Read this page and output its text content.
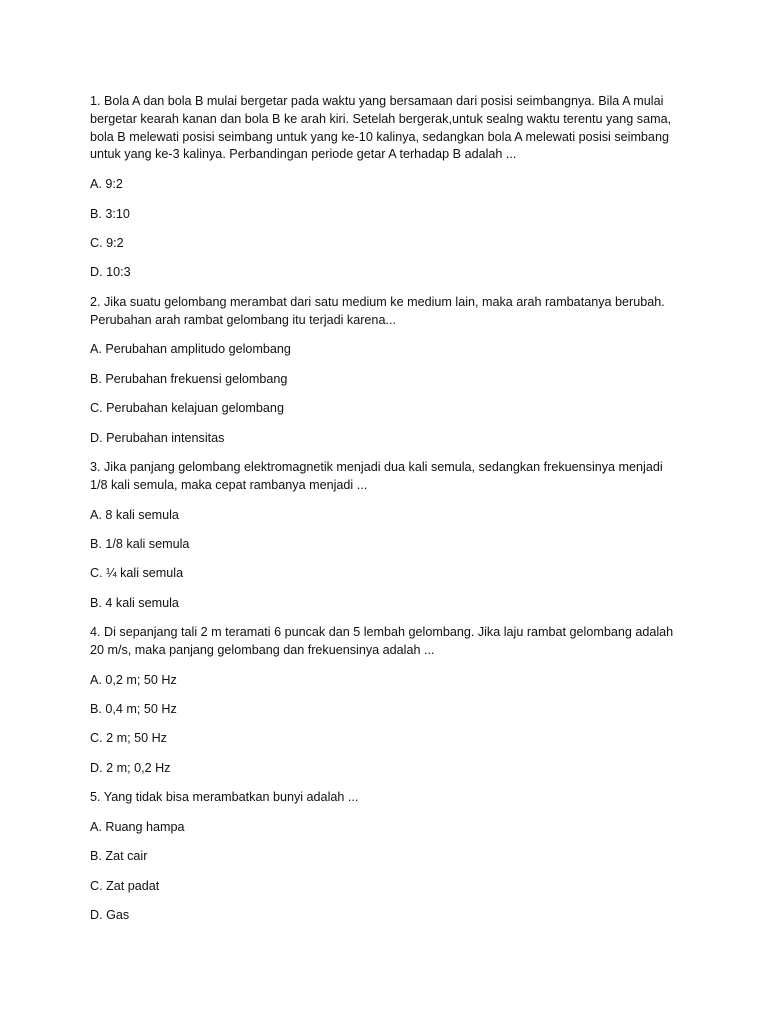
1. Bola A dan bola B mulai bergetar pada waktu yang bersamaan dari posisi seimbangnya. Bila A mulai bergetar kearah kanan dan bola B ke arah kiri. Setelah bergerak,untuk sealng waktu terentu yang sama, bola B melewati posisi seimbang untuk yang ke-10 kalinya, sedangkan bola A melewati posisi seimbang untuk yang ke-3 kalinya. Perbandingan periode getar A terhadap B adalah ...

A. 9:2

B. 3:10

C. 9:2

D. 10:3

2. Jika suatu gelombang merambat dari satu medium ke medium lain, maka arah rambatanya berubah. Perubahan arah rambat gelombang itu terjadi karena...

A. Perubahan amplitudo gelombang

B. Perubahan frekuensi gelombang

C. Perubahan kelajuan gelombang

D. Perubahan intensitas

3. Jika panjang gelombang elektromagnetik menjadi dua kali semula, sedangkan frekuensinya menjadi 1/8 kali semula, maka cepat rambanya menjadi ...

A. 8 kali semula

B. 1/8 kali semula

C. ¼ kali semula

B. 4 kali semula

4. Di sepanjang tali 2 m teramati 6 puncak dan 5 lembah gelombang. Jika laju rambat gelombang adalah 20 m/s, maka panjang gelombang dan frekuensinya adalah ...

A. 0,2 m; 50 Hz

B. 0,4 m; 50 Hz

C. 2 m; 50 Hz

D. 2 m; 0,2 Hz

5. Yang tidak bisa merambatkan bunyi adalah ...

A. Ruang hampa

B. Zat cair

C. Zat padat

D. Gas
